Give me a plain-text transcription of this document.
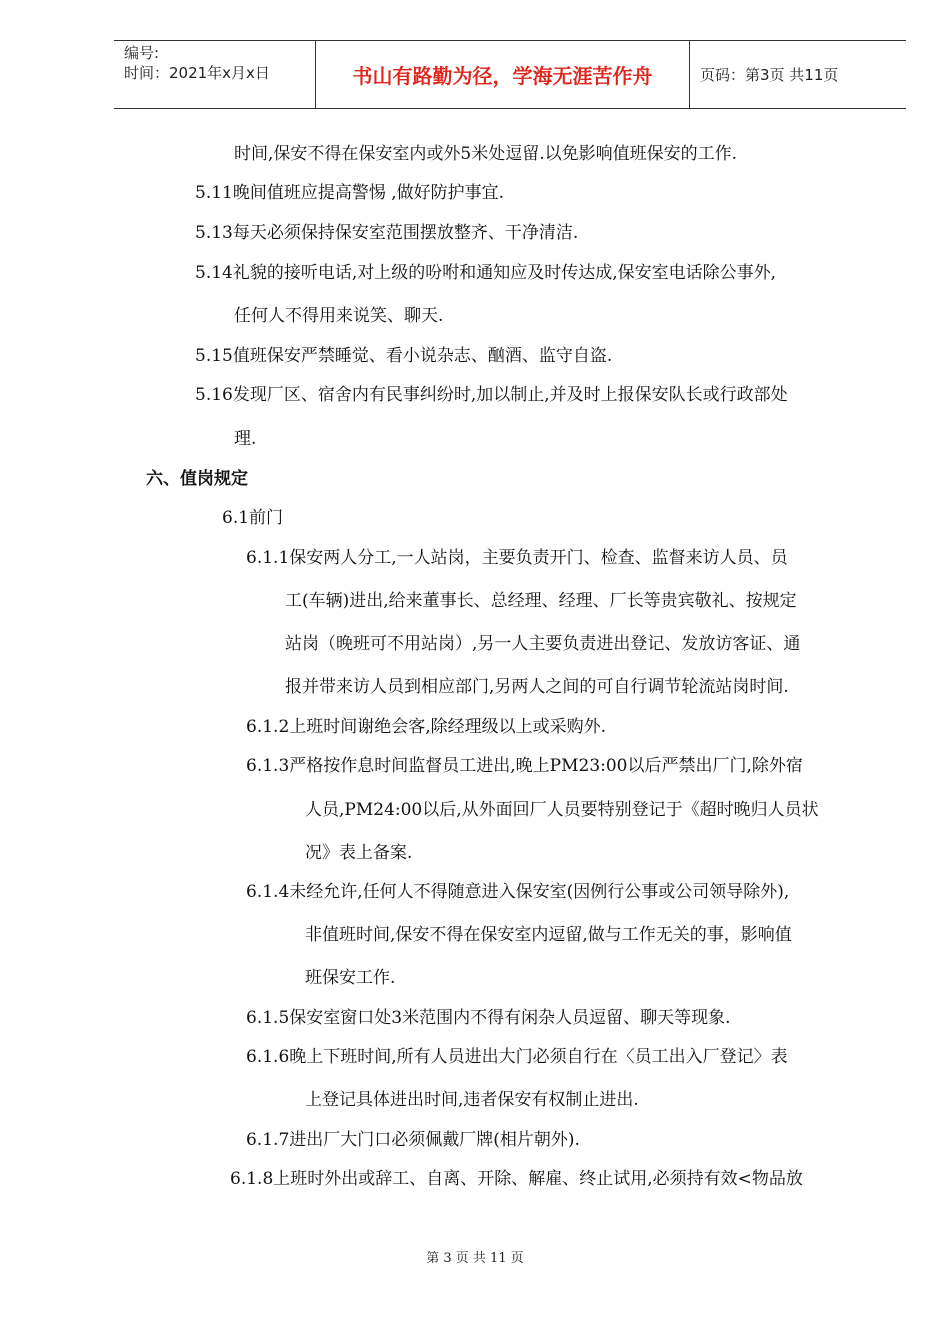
编号:
时间：2021年x月x日	书山有路勤为径，学海无涯苦作舟	页码：第3页 共11页
时间,保安不得在保安室内或外5米处逗留.以免影响值班保安的工作.
5.11晚间值班应提高警惕 ,做好防护事宜.
5.13每天必须保持保安室范围摆放整齐、干净清洁.
5.14礼貌的接听电话,对上级的吩咐和通知应及时传达成,保安室电话除公事外,
任何人不得用来说笑、聊天.
5.15值班保安严禁睡觉、看小说杂志、酗酒、监守自盗.
5.16发现厂区、宿舍内有民事纠纷时,加以制止,并及时上报保安队长或行政部处
理.
六、值岗规定
6.1前门
6.1.1保安两人分工,一人站岗，主要负责开门、检查、监督来访人员、员
工(车辆)进出,给来董事长、总经理、经理、厂长等贵宾敬礼、按规定
站岗（晚班可不用站岗）,另一人主要负责进出登记、发放访客证、通
报并带来访人员到相应部门,另两人之间的可自行调节轮流站岗时间.
6.1.2上班时间谢绝会客,除经理级以上或采购外.
6.1.3严格按作息时间监督员工进出,晚上PM23:00以后严禁出厂门,除外宿
人员,PM24:00以后,从外面回厂人员要特别登记于《超时晚归人员状
况》表上备案.
6.1.4未经允许,任何人不得随意进入保安室(因例行公事或公司领导除外),
非值班时间,保安不得在保安室内逗留,做与工作无关的事，影响值
班保安工作.
6.1.5保安室窗口处3米范围内不得有闲杂人员逗留、聊天等现象.
6.1.6晚上下班时间,所有人员进出大门必须自行在〈员工出入厂登记〉表
上登记具体进出时间,违者保安有权制止进出.
6.1.7进出厂大门口必须佩戴厂牌(相片朝外).
6.1.8上班时外出或辞工、自离、开除、解雇、终止试用,必须持有效<物品放
第 3 页 共 11 页
